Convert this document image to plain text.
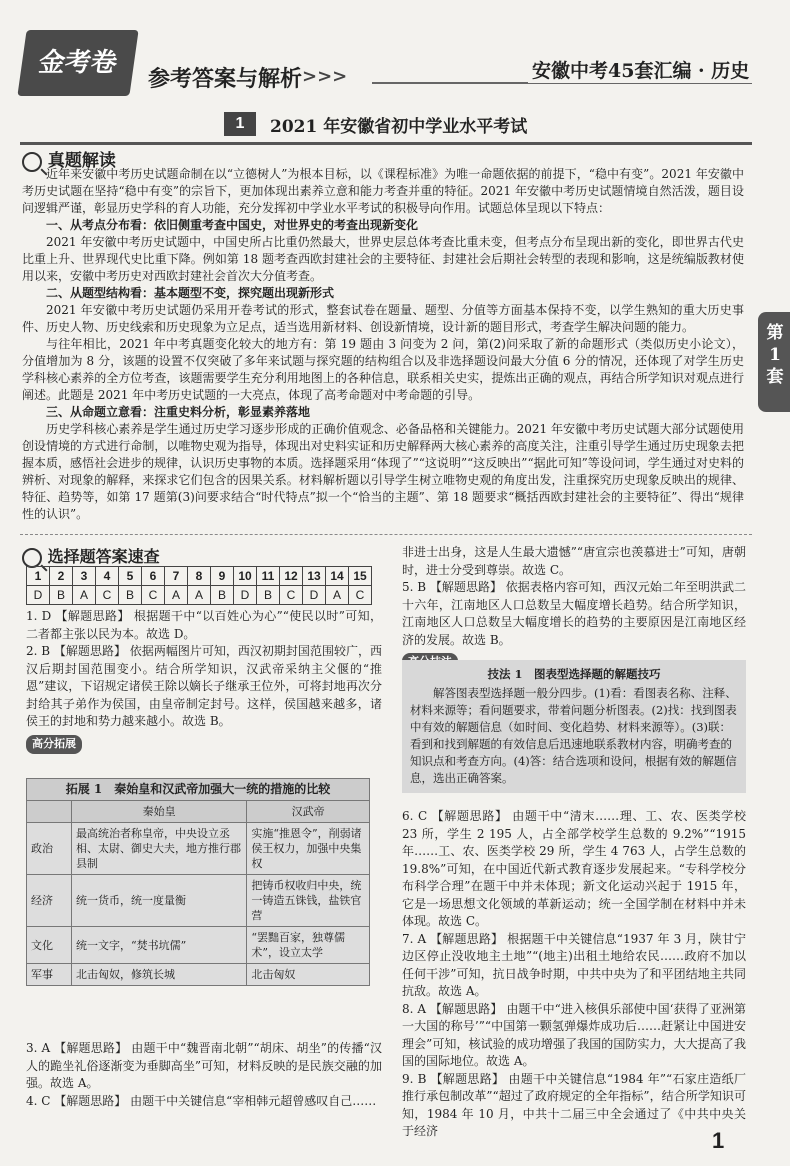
金考卷
参考答案与解析 >>>	安徽中考45套汇编 · 历史
1	2021 年安徽省初中学业水平考试
真题解读

近年来安徽中考历史试题命制在以“立德树人”为根本目标，以《课程标准》为唯一命题依据的前提下，“稳中有变”。2021 年安徽中考历史试题在坚持“稳中有变”的宗旨下，更加体现出素养立意和能力考查并重的特征。2021 年安徽中考历史试题情境自然活泼，题目设问逻辑严谨，彰显历史学科的育人功能，充分发挥初中学业水平考试的积极导向作用。试题总体呈现以下特点：

一、从考点分布看：依旧侧重考查中国史，对世界史的考查出现新变化

2021 年安徽中考历史试题中，中国史所占比重仍然最大，世界史层总体考查比重未变，但考点分布呈现出新的变化，即世界古代史比重上升、世界现代史比重下降。例如第 18 题考查西欧封建社会的主要特征、封建社会后期社会转型的表现和影响，这是统编版教材使用以来，安徽中考历史对西欧封建社会首次大分值考查。

二、从题型结构看：基本题型不变，探究题出现新形式

2021 年安徽中考历史试题仍采用开卷考试的形式，整套试卷在题量、题型、分值等方面基本保持不变，以学生熟知的重大历史事件、历史人物、历史线索和历史现象为立足点，适当选用新材料、创设新情境，设计新的题目形式，考查学生解决问题的能力。

与往年相比，2021 年中考真题变化较大的地方有：第 19 题由 3 问变为 2 问，第(2)问采取了新的命题形式（类似历史小论文），分值增加为 8 分，该题的设置不仅突破了多年来试题与探究题的结构组合以及非选择题设问最大分值 6 分的情况，还体现了对学生历史学科核心素养的全方位考查，该题需要学生充分利用地图上的各种信息，联系相关史实，提炼出正确的观点，再结合所学知识对观点进行阐述。此题是 2021 年中考历史试题的一大亮点，体现了高考命题对中考命题的引导。

三、从命题立意看：注重史料分析，彰显素养落地

历史学科核心素养是学生通过历史学习逐步形成的正确价值观念、必备品格和关键能力。2021 年安徽中考历史试题大部分试题使用创设情境的方式进行命制，以唯物史观为指导，体现出对史料实证和历史解释两大核心素养的高度关注，注重引导学生通过历史现象去把握本质，感悟社会进步的规律，认识历史事物的本质。选择题采用“体现了”“这说明”“这反映出”“据此可知”等设问词，学生通过对史料的辨析、对现象的解释，来探求它们包含的因果关系。材料解析题以引导学生树立唯物史观的角度出发，注重探究历史现象反映出的规律、特征、趋势等，如第 17 题第(3)问要求结合“时代特点”拟一个“恰当的主题”、第 18 题要求“概括西欧封建社会的主要特征”、得出“规律性的认识”。

第
1
套
选择题答案速查
1	2	3	4	5	6	7	8	9	10	11	12	13	14	15
D	B	A	C	B	C	A	A	B	D	B	C	D	A	C

1. D 【解题思路】 根据题干中“以百姓心为心”“使民以时”可知，二者都主张以民为本。故选 D。

2. B 【解题思路】 依据两幅图片可知，西汉初期封国范围较广，西汉后期封国范围变小。结合所学知识，汉武帝采纳主父偃的“推恩”建议，下诏规定诸侯王除以嫡长子继承王位外，可将封地再次分封给其子弟作为侯国，由皇帝制定封号。这样，侯国越来越多，诸侯王的封地和势力越来越小。故选 B。

高分拓展

拓展 1　秦始皇和汉武帝加强大一统的措施的比较		
	秦始皇	汉武帝
政治	最高统治者称皇帝，中央设立丞相、太尉、御史大夫，地方推行郡县制	实施“推恩令”，削弱诸侯王权力，加强中央集权
经济	统一货币，统一度量衡	把铸币权收归中央，统一铸造五铢钱，盐铁官营
文化	统一文字，“焚书坑儒”	“罢黜百家，独尊儒术”，设立太学
军事	北击匈奴，修筑长城	北击匈奴

3. A 【解题思路】 由题干中“魏晋南北朝”“胡床、胡坐”的传播“汉人的跪坐礼俗逐渐变为垂脚高坐”可知，材料反映的是民族交融的加强。故选 A。

4. C 【解题思路】 由题干中关键信息“宰相韩元超曾感叹自己……

非进士出身，这是人生最大遗憾”“唐宣宗也羡慕进士”可知，唐朝时，进士分受到尊崇。故选 C。

5. B 【解题思路】 依据表格内容可知，西汉元始二年至明洪武二十六年，江南地区人口总数呈大幅度增长趋势。结合所学知识，江南地区人口总数呈大幅度增长的趋势的主要原因是江南地区经济的发展。故选 B。

技法 1　图表型选择题的解题技巧
解答图表型选择题一般分四步。(1)看：看图表名称、注释、材料来源等；看问题要求，带着问题分析图表。(2)找：找到图表中有效的解题信息（如时间、变化趋势、材料来源等）。(3)联：看到和找到解题的有效信息后迅速地联系教材内容，明确考查的知识点和考查方向。(4)答：结合选项和设问，根据有效的解题信息，选出正确答案。

6. C 【解题思路】 由题干中“清末……理、工、农、医类学校 23 所，学生 2 195 人，占全部学校学生总数的 9.2%”“1915 年……工、农、医类学校 29 所，学生 4 763 人，占学生总数的 19.8%”可知，在中国近代新式教育逐步发展起来。“专科学校分布科学合理”在题干中并未体现；新文化运动兴起于 1915 年，它是一场思想文化领域的革新运动；统一全国学制在材料中并未体现。故选 C。

7. A 【解题思路】 根据题干中关键信息“1937 年 3 月，陕甘宁边区停止没收地主土地”“(地主)出租土地给农民……政府不加以任何干涉”可知，抗日战争时期，中共中央为了和平团结地主共同抗敌。故选 A。

8. A 【解题思路】 由题干中“进入核俱乐部使中国‘获得了亚洲第一大国的称号’”“中国第一颗氢弹爆炸成功后……赶紧让中国进安理会”可知，核试验的成功增强了我国的国防实力，大大提高了我国的国际地位。故选 A。

9. B 【解题思路】 由题干中关键信息“1984 年”“石家庄造纸厂推行承包制改革”“超过了政府规定的全年指标”，结合所学知识可知，1984 年 10 月，中共十二届三中全会通过了《中共中央关于经济	1
